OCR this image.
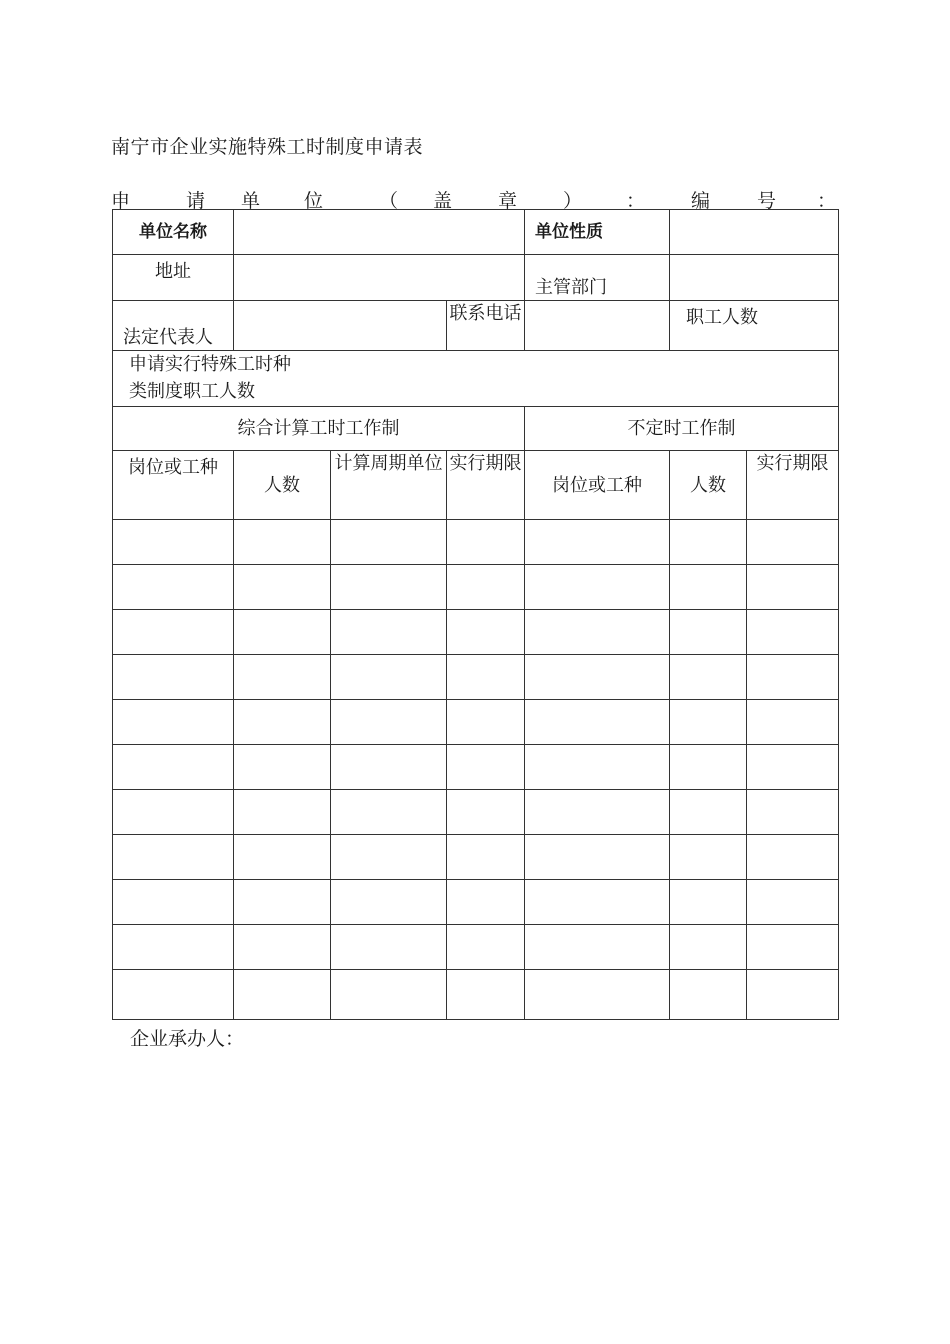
南宁市企业实施特殊工时制度申请表
申	请 单 位	（ 盖 章 ） ： 编 号 ：
单位名称				单位性质		
地址				主管部门		
法定代表人			联系电话		职工人数	

申请实行特殊工时种类制度职工人数						

综合计算工时工作制				不定时工作制		
岗位或工种	人数	计算周期单位	实行期限	岗位或工种	人数	实行期限

企业承办人：
